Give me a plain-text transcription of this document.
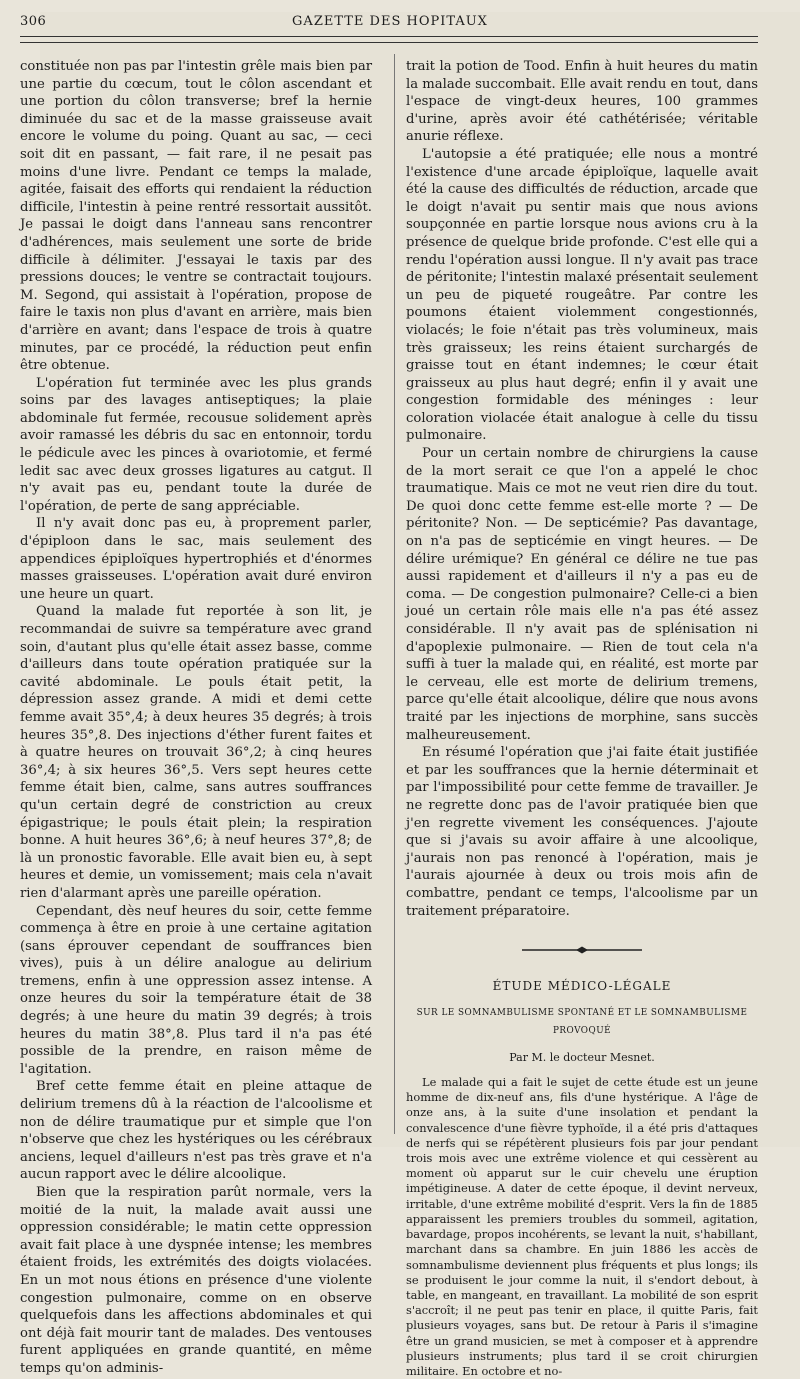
306	GAZETTE DES HOPITAUX

constituée non pas par l'intestin grêle mais bien par une partie du cœcum, tout le côlon ascendant et une portion du côlon transverse; bref la hernie diminuée du sac et de la masse graisseuse avait encore le volume du poing. Quant au sac, — ceci soit dit en passant, — fait rare, il ne pesait pas moins d'une livre. Pendant ce temps la malade, agitée, faisait des efforts qui rendaient la réduction difficile, l'intestin à peine rentré ressortait aussitôt. Je passai le doigt dans l'anneau sans rencontrer d'adhérences, mais seulement une sorte de bride difficile à délimiter. J'essayai le taxis par des pressions douces; le ventre se contractait toujours. M. Segond, qui assistait à l'opération, propose de faire le taxis non plus d'avant en arrière, mais bien d'arrière en avant; dans l'espace de trois à quatre minutes, par ce procédé, la réduction peut enfin être obtenue.

L'opération fut terminée avec les plus grands soins par des lavages antiseptiques; la plaie abdominale fut fermée, recousue solidement après avoir ramassé les débris du sac en entonnoir, tordu le pédicule avec les pinces à ovariotomie, et fermé ledit sac avec deux grosses ligatures au catgut. Il n'y avait pas eu, pendant toute la durée de l'opération, de perte de sang appréciable.

Il n'y avait donc pas eu, à proprement parler, d'épiploon dans le sac, mais seulement des appendices épiploïques hypertrophiés et d'énormes masses graisseuses. L'opération avait duré environ une heure un quart.

Quand la malade fut reportée à son lit, je recommandai de suivre sa température avec grand soin, d'autant plus qu'elle était assez basse, comme d'ailleurs dans toute opération pratiquée sur la cavité abdominale. Le pouls était petit, la dépression assez grande. A midi et demi cette femme avait 35°,4; à deux heures 35 degrés; à trois heures 35°,8. Des injections d'éther furent faites et à quatre heures on trouvait 36°,2; à cinq heures 36°,4; à six heures 36°,5. Vers sept heures cette femme était bien, calme, sans autres souffrances qu'un certain degré de constriction au creux épigastrique; le pouls était plein; la respiration bonne. A huit heures 36°,6; à neuf heures 37°,8; de là un pronostic favorable. Elle avait bien eu, à sept heures et demie, un vomissement; mais cela n'avait rien d'alarmant après une pareille opération.

Cependant, dès neuf heures du soir, cette femme commença à être en proie à une certaine agitation (sans éprouver cependant de souffrances bien vives), puis à un délire analogue au delirium tremens, enfin à une oppression assez intense. A onze heures du soir la température était de 38 degrés; à une heure du matin 39 degrés; à trois heures du matin 38°,8. Plus tard il n'a pas été possible de la prendre, en raison même de l'agitation.

Bref cette femme était en pleine attaque de delirium tremens dû à la réaction de l'alcoolisme et non de délire traumatique pur et simple que l'on n'observe que chez les hystériques ou les cérébraux anciens, lequel d'ailleurs n'est pas très grave et n'a aucun rapport avec le délire alcoolique.

Bien que la respiration parût normale, vers la moitié de la nuit, la malade avait aussi une oppression considérable; le matin cette oppression avait fait place à une dyspnée intense; les membres étaient froids, les extrémités des doigts violacées. En un mot nous étions en présence d'une violente congestion pulmonaire, comme on en observe quelquefois dans les affections abdominales et qui ont déjà fait mourir tant de malades. Des ventouses furent appliquées en grande quantité, en même temps qu'on adminis-

trait la potion de Tood. Enfin à huit heures du matin la malade succombait. Elle avait rendu en tout, dans l'espace de vingt-deux heures, 100 grammes d'urine, après avoir été cathétérisée; véritable anurie réflexe.

L'autopsie a été pratiquée; elle nous a montré l'existence d'une arcade épiploïque, laquelle avait été la cause des difficultés de réduction, arcade que le doigt n'avait pu sentir mais que nous avions soupçonnée en partie lorsque nous avions cru à la présence de quelque bride profonde. C'est elle qui a rendu l'opération aussi longue. Il n'y avait pas trace de péritonite; l'intestin malaxé présentait seulement un peu de piqueté rougeâtre. Par contre les poumons étaient violemment congestionnés, violacés; le foie n'était pas très volumineux, mais très graisseux; les reins étaient surchargés de graisse tout en étant indemnes; le cœur était graisseux au plus haut degré; enfin il y avait une congestion formidable des méninges : leur coloration violacée était analogue à celle du tissu pulmonaire.

Pour un certain nombre de chirurgiens la cause de la mort serait ce que l'on a appelé le choc traumatique. Mais ce mot ne veut rien dire du tout. De quoi donc cette femme est-elle morte ? — De péritonite? Non. — De septicémie? Pas davantage, on n'a pas de septicémie en vingt heures. — De délire urémique? En général ce délire ne tue pas aussi rapidement et d'ailleurs il n'y a pas eu de coma. — De congestion pulmonaire? Celle-ci a bien joué un certain rôle mais elle n'a pas été assez considérable. Il n'y avait pas de splénisation ni d'apoplexie pulmonaire. — Rien de tout cela n'a suffi à tuer la malade qui, en réalité, est morte par le cerveau, elle est morte de delirium tremens, parce qu'elle était alcoolique, délire que nous avons traité par les injections de morphine, sans succès malheureusement.

En résumé l'opération que j'ai faite était justifiée et par les souffrances que la hernie déterminait et par l'impossibilité pour cette femme de travailler. Je ne regrette donc pas de l'avoir pratiquée bien que j'en regrette vivement les conséquences. J'ajoute que si j'avais su avoir affaire à une alcoolique, j'aurais non pas renoncé à l'opération, mais je l'aurais ajournée à deux ou trois mois afin de combattre, pendant ce temps, l'alcoolisme par un traitement préparatoire.

ÉTUDE MÉDICO-LÉGALE
SUR LE SOMNAMBULISME SPONTANÉ ET LE SOMNAMBULISME PROVOQUÉ
Par M. le docteur Mesnet.

Le malade qui a fait le sujet de cette étude est un jeune homme de dix-neuf ans, fils d'une hystérique. A l'âge de onze ans, à la suite d'une insolation et pendant la convalescence d'une fièvre typhoïde, il a été pris d'attaques de nerfs qui se répétèrent plusieurs fois par jour pendant trois mois avec une extrême violence et qui cessèrent au moment où apparut sur le cuir chevelu une éruption impétigineuse. A dater de cette époque, il devint nerveux, irritable, d'une extrême mobilité d'esprit. Vers la fin de 1885 apparaissent les premiers troubles du sommeil, agitation, bavardage, propos incohérents, se levant la nuit, s'habillant, marchant dans sa chambre. En juin 1886 les accès de somnambulisme deviennent plus fréquents et plus longs; ils se produisent le jour comme la nuit, il s'endort debout, à table, en mangeant, en travaillant. La mobilité de son esprit s'accroît; il ne peut pas tenir en place, il quitte Paris, fait plusieurs voyages, sans but. De retour à Paris il s'imagine être un grand musicien, se met à composer et à apprendre plusieurs instruments; plus tard il se croit chirurgien militaire. En octobre et no-
